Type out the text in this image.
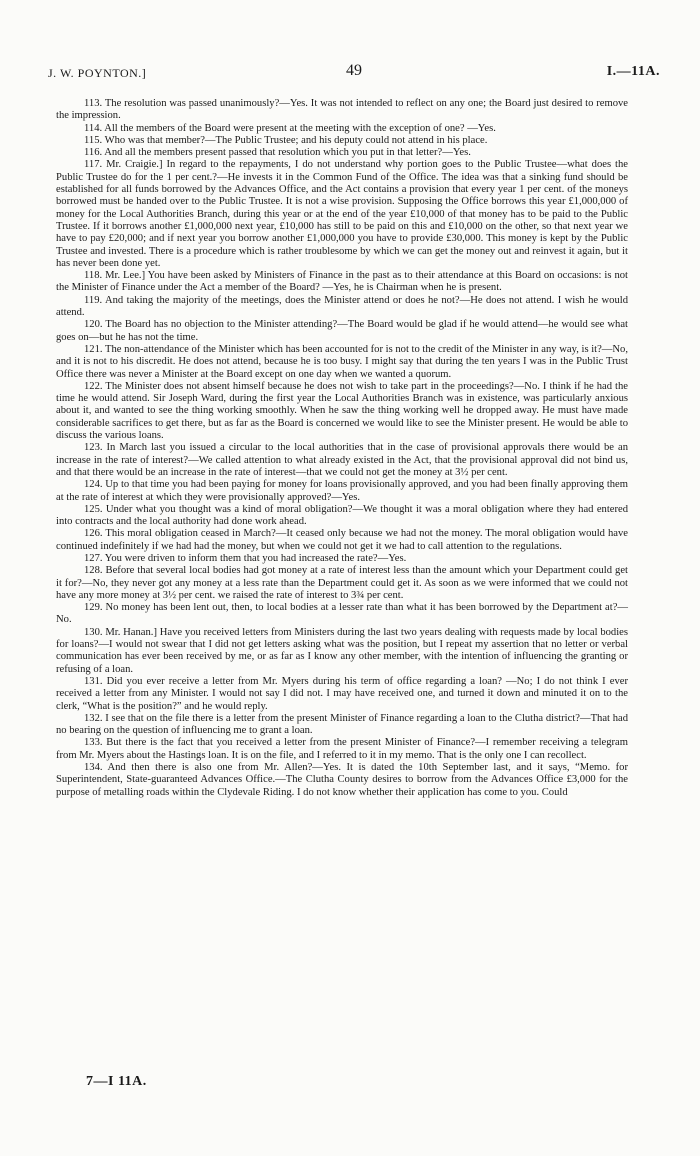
J. W. POYNTON.]	49	I.—11A.

113. The resolution was passed unanimously?—Yes. It was not intended to reflect on any one; the Board just desired to remove the impression.

114. All the members of the Board were present at the meeting with the exception of one? —Yes.

115. Who was that member?—The Public Trustee; and his deputy could not attend in his place.

116. And all the members present passed that resolution which you put in that letter?—Yes.

117. Mr. Craigie.] In regard to the repayments, I do not understand why portion goes to the Public Trustee—what does the Public Trustee do for the 1 per cent.?—He invests it in the Common Fund of the Office. The idea was that a sinking fund should be established for all funds borrowed by the Advances Office, and the Act contains a provision that every year 1 per cent. of the moneys borrowed must be handed over to the Public Trustee. It is not a wise provision. Supposing the Office borrows this year £1,000,000 of money for the Local Authorities Branch, during this year or at the end of the year £10,000 of that money has to be paid to the Public Trustee. If it borrows another £1,000,000 next year, £10,000 has still to be paid on this and £10,000 on the other, so that next year we have to pay £20,000; and if next year you borrow another £1,000,000 you have to provide £30,000. This money is kept by the Public Trustee and invested. There is a procedure which is rather troublesome by which we can get the money out and reinvest it again, but it has never been done yet.

118. Mr. Lee.] You have been asked by Ministers of Finance in the past as to their attendance at this Board on occasions: is not the Minister of Finance under the Act a member of the Board? —Yes, he is Chairman when he is present.

119. And taking the majority of the meetings, does the Minister attend or does he not?—He does not attend. I wish he would attend.

120. The Board has no objection to the Minister attending?—The Board would be glad if he would attend—he would see what goes on—but he has not the time.

121. The non-attendance of the Minister which has been accounted for is not to the credit of the Minister in any way, is it?—No, and it is not to his discredit. He does not attend, because he is too busy. I might say that during the ten years I was in the Public Trust Office there was never a Minister at the Board except on one day when we wanted a quorum.

122. The Minister does not absent himself because he does not wish to take part in the proceedings?—No. I think if he had the time he would attend. Sir Joseph Ward, during the first year the Local Authorities Branch was in existence, was particularly anxious about it, and wanted to see the thing working smoothly. When he saw the thing working well he dropped away. He must have made considerable sacrifices to get there, but as far as the Board is concerned we would like to see the Minister present. He would be able to discuss the various loans.

123. In March last you issued a circular to the local authorities that in the case of provisional approvals there would be an increase in the rate of interest?—We called attention to what already existed in the Act, that the provisional approval did not bind us, and that there would be an increase in the rate of interest—that we could not get the money at 3½ per cent.

124. Up to that time you had been paying for money for loans provisionally approved, and you had been finally approving them at the rate of interest at which they were provisionally approved?—Yes.

125. Under what you thought was a kind of moral obligation?—We thought it was a moral obligation where they had entered into contracts and the local authority had done work ahead.

126. This moral obligation ceased in March?—It ceased only because we had not the money. The moral obligation would have continued indefinitely if we had had the money, but when we could not get it we had to call attention to the regulations.

127. You were driven to inform them that you had increased the rate?—Yes.

128. Before that several local bodies had got money at a rate of interest less than the amount which your Department could get it for?—No, they never got any money at a less rate than the Department could get it. As soon as we were informed that we could not have any more money at 3½ per cent. we raised the rate of interest to 3¾ per cent.

129. No money has been lent out, then, to local bodies at a lesser rate than what it has been borrowed by the Department at?—No.

130. Mr. Hanan.] Have you received letters from Ministers during the last two years dealing with requests made by local bodies for loans?—I would not swear that I did not get letters asking what was the position, but I repeat my assertion that no letter or verbal communication has ever been received by me, or as far as I know any other member, with the intention of influencing the granting or refusing of a loan.

131. Did you ever receive a letter from Mr. Myers during his term of office regarding a loan? —No; I do not think I ever received a letter from any Minister. I would not say I did not. I may have received one, and turned it down and minuted it on to the clerk, “What is the position?” and he would reply.

132. I see that on the file there is a letter from the present Minister of Finance regarding a loan to the Clutha district?—That had no bearing on the question of influencing me to grant a loan.

133. But there is the fact that you received a letter from the present Minister of Finance?—I remember receiving a telegram from Mr. Myers about the Hastings loan. It is on the file, and I referred to it in my memo. That is the only one I can recollect.

134. And then there is also one from Mr. Allen?—Yes. It is dated the 10th September last, and it says, “Memo. for Superintendent, State-guaranteed Advances Office.—The Clutha County desires to borrow from the Advances Office £3,000 for the purpose of metalling roads within the Clydevale Riding. I do not know whether their application has come to you. Could

7—I 11A.
